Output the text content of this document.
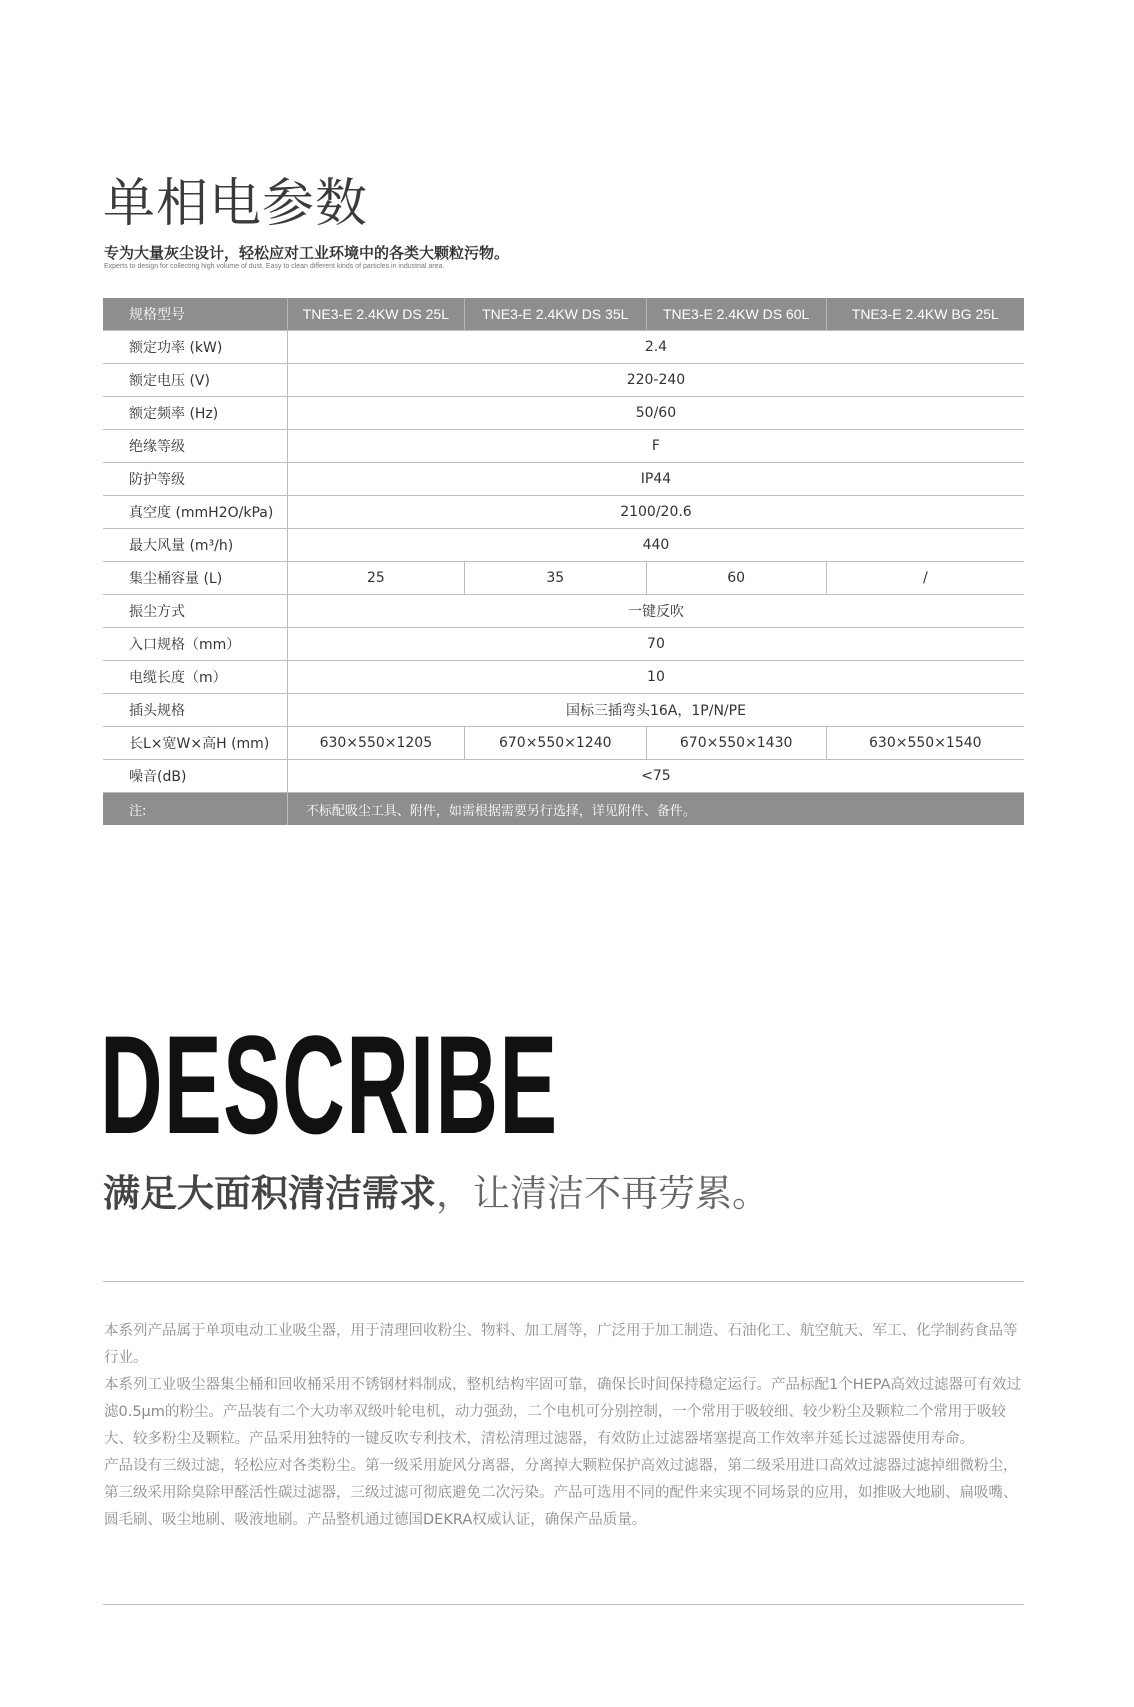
单相电参数
专为大量灰尘设计，轻松应对工业环境中的各类大颗粒污物。
Experts to design for collecting high volume of dust. Easy to clean different kinds of particles in industrial area.
规格型号	TNE3-E 2.4KW DS 25L	TNE3-E 2.4KW DS 35L	TNE3-E 2.4KW DS 60L	TNE3-E 2.4KW BG 25L
额定功率 (kW)	2.4			
额定电压 (V)	220-240			
额定频率 (Hz)	50/60			
绝缘等级	F			
防护等级	IP44			
真空度 (mmH2O/kPa)	2100/20.6			
最大风量 (m³/h)	440			
集尘桶容量 (L)	25	35	60	/
振尘方式	一键反吹			
入口规格（mm）	70			
电缆长度（m）	10			
插头规格	国标三插弯头16A，1P/N/PE			
长L×宽W×高H (mm)	630×550×1205	670×550×1240	670×550×1430	630×550×1540
噪音(dB)	<75			
注:	不标配吸尘工具、附件，如需根据需要另行选择，详见附件、备件。			
DESCRIBE
满足大面积清洁需求，让清洁不再劳累。

本系列产品属于单项电动工业吸尘器，用于清理回收粉尘、物料、加工屑等，广泛用于加工制造、石油化工、航空航天、军工、化学制药食品等行业。

本系列工业吸尘器集尘桶和回收桶采用不锈钢材料制成，整机结构牢固可靠，确保长时间保持稳定运行。产品标配1个HEPA高效过滤器可有效过滤0.5μm的粉尘。产品装有二个大功率双级叶轮电机，动力强劲，二个电机可分别控制，一个常用于吸较细、较少粉尘及颗粒二个常用于吸较大、较多粉尘及颗粒。产品采用独特的一键反吹专利技术，清松清理过滤器，有效防止过滤器堵塞提高工作效率并延长过滤器使用寿命。

产品设有三级过滤，轻松应对各类粉尘。第一级采用旋风分离器，分离掉大颗粒保护高效过滤器，第二级采用进口高效过滤器过滤掉细微粉尘，第三级采用除臭除甲醛活性碳过滤器，三级过滤可彻底避免二次污染。产品可选用不同的配件来实现不同场景的应用，如推吸大地刷、扁吸嘴、圆毛刷、吸尘地刷、吸液地刷。产品整机通过德国DEKRA权威认证，确保产品质量。
